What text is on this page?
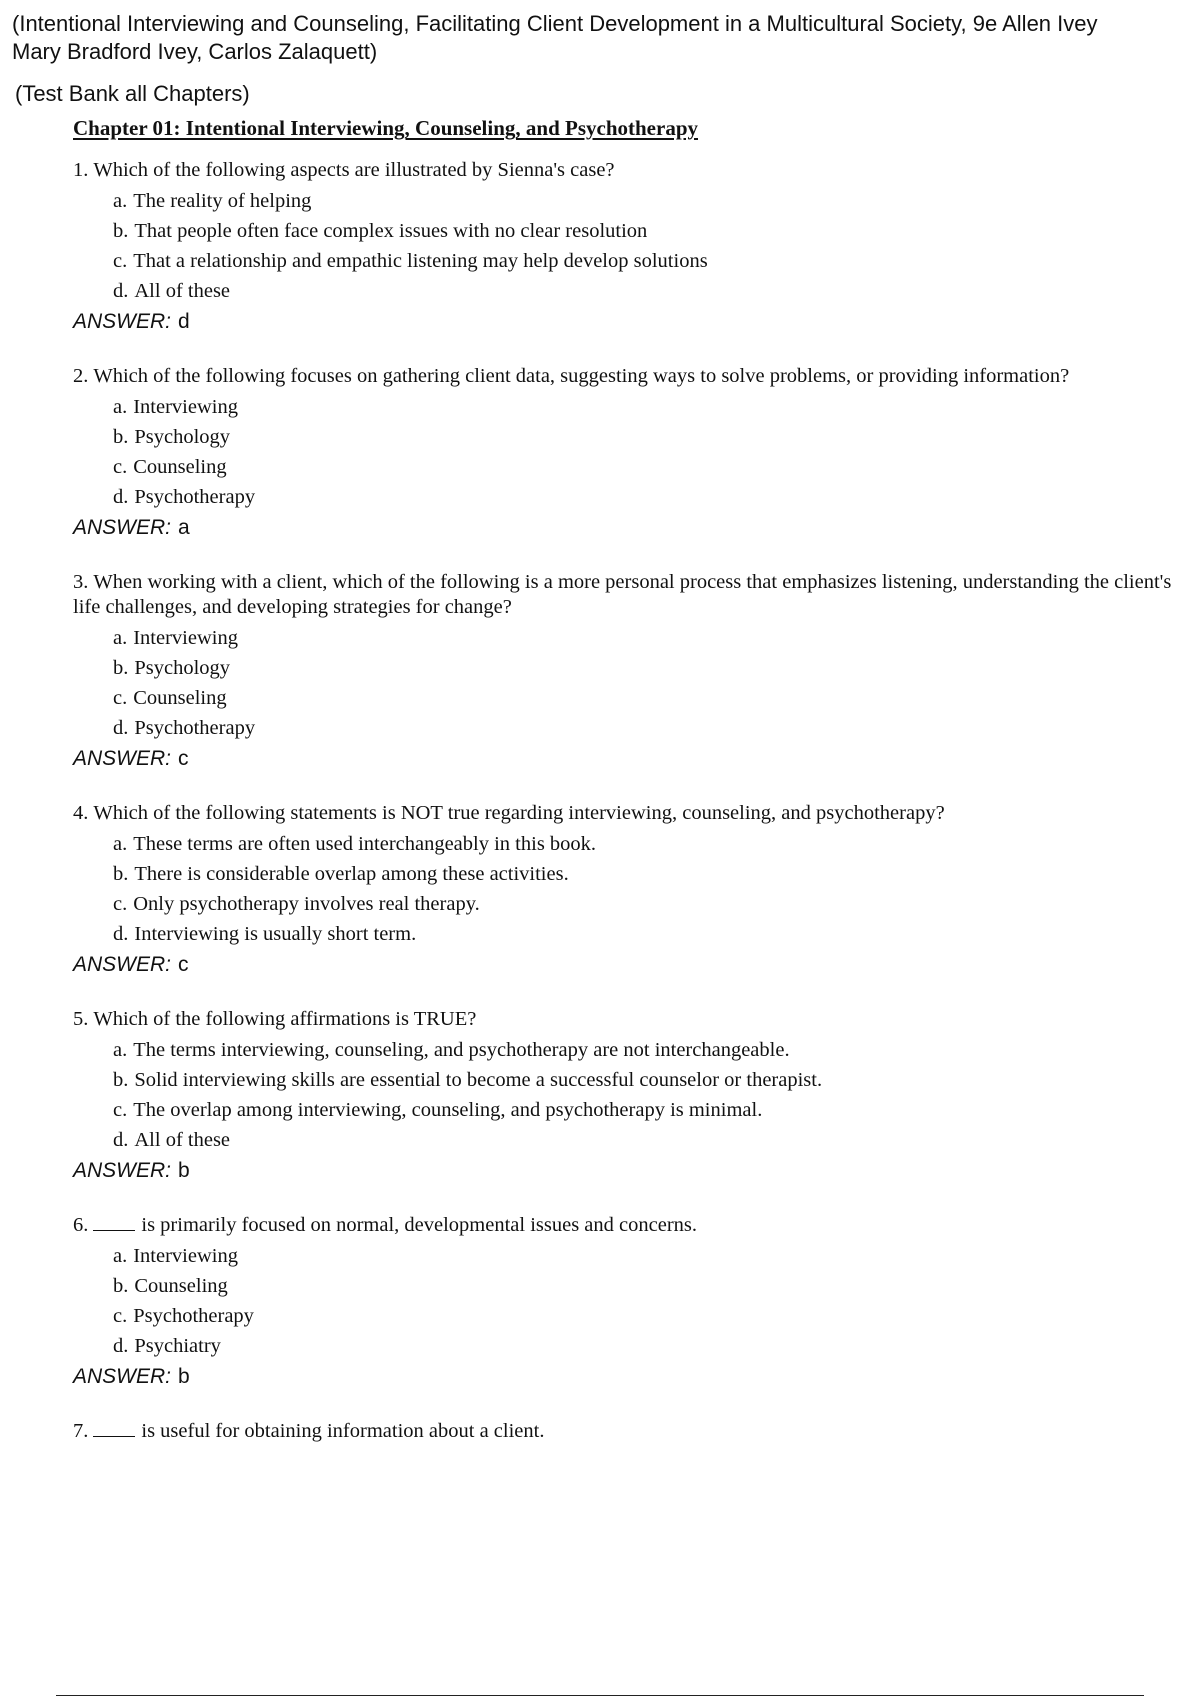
(Intentional Interviewing and Counseling, Facilitating Client Development in a Multicultural Society, 9e Allen Ivey
Mary Bradford Ivey, Carlos Zalaquett)
(Test Bank all Chapters)
Chapter 01: Intentional Interviewing, Counseling, and Psychotherapy
1. Which of the following aspects are illustrated by Sienna's case?
a. The reality of helping
b. That people often face complex issues with no clear resolution
c. That a relationship and empathic listening may help develop solutions
d. All of these
ANSWER: d
2. Which of the following focuses on gathering client data, suggesting ways to solve problems, or providing information?
a. Interviewing
b. Psychology
c. Counseling
d. Psychotherapy
ANSWER: a
3. When working with a client, which of the following is a more personal process that emphasizes listening, understanding the client's life challenges, and developing strategies for change?
a. Interviewing
b. Psychology
c. Counseling
d. Psychotherapy
ANSWER: c
4. Which of the following statements is NOT true regarding interviewing, counseling, and psychotherapy?
a. These terms are often used interchangeably in this book.
b. There is considerable overlap among these activities.
c. Only psychotherapy involves real therapy.
d. Interviewing is usually short term.
ANSWER: c
5. Which of the following affirmations is TRUE?
a. The terms interviewing, counseling, and psychotherapy are not interchangeable.
b. Solid interviewing skills are essential to become a successful counselor or therapist.
c. The overlap among interviewing, counseling, and psychotherapy is minimal.
d. All of these
ANSWER: b
6.	is primarily focused on normal, developmental issues and concerns.
a. Interviewing
b. Counseling
c. Psychotherapy
d. Psychiatry
ANSWER: b
7.	is useful for obtaining information about a client.
